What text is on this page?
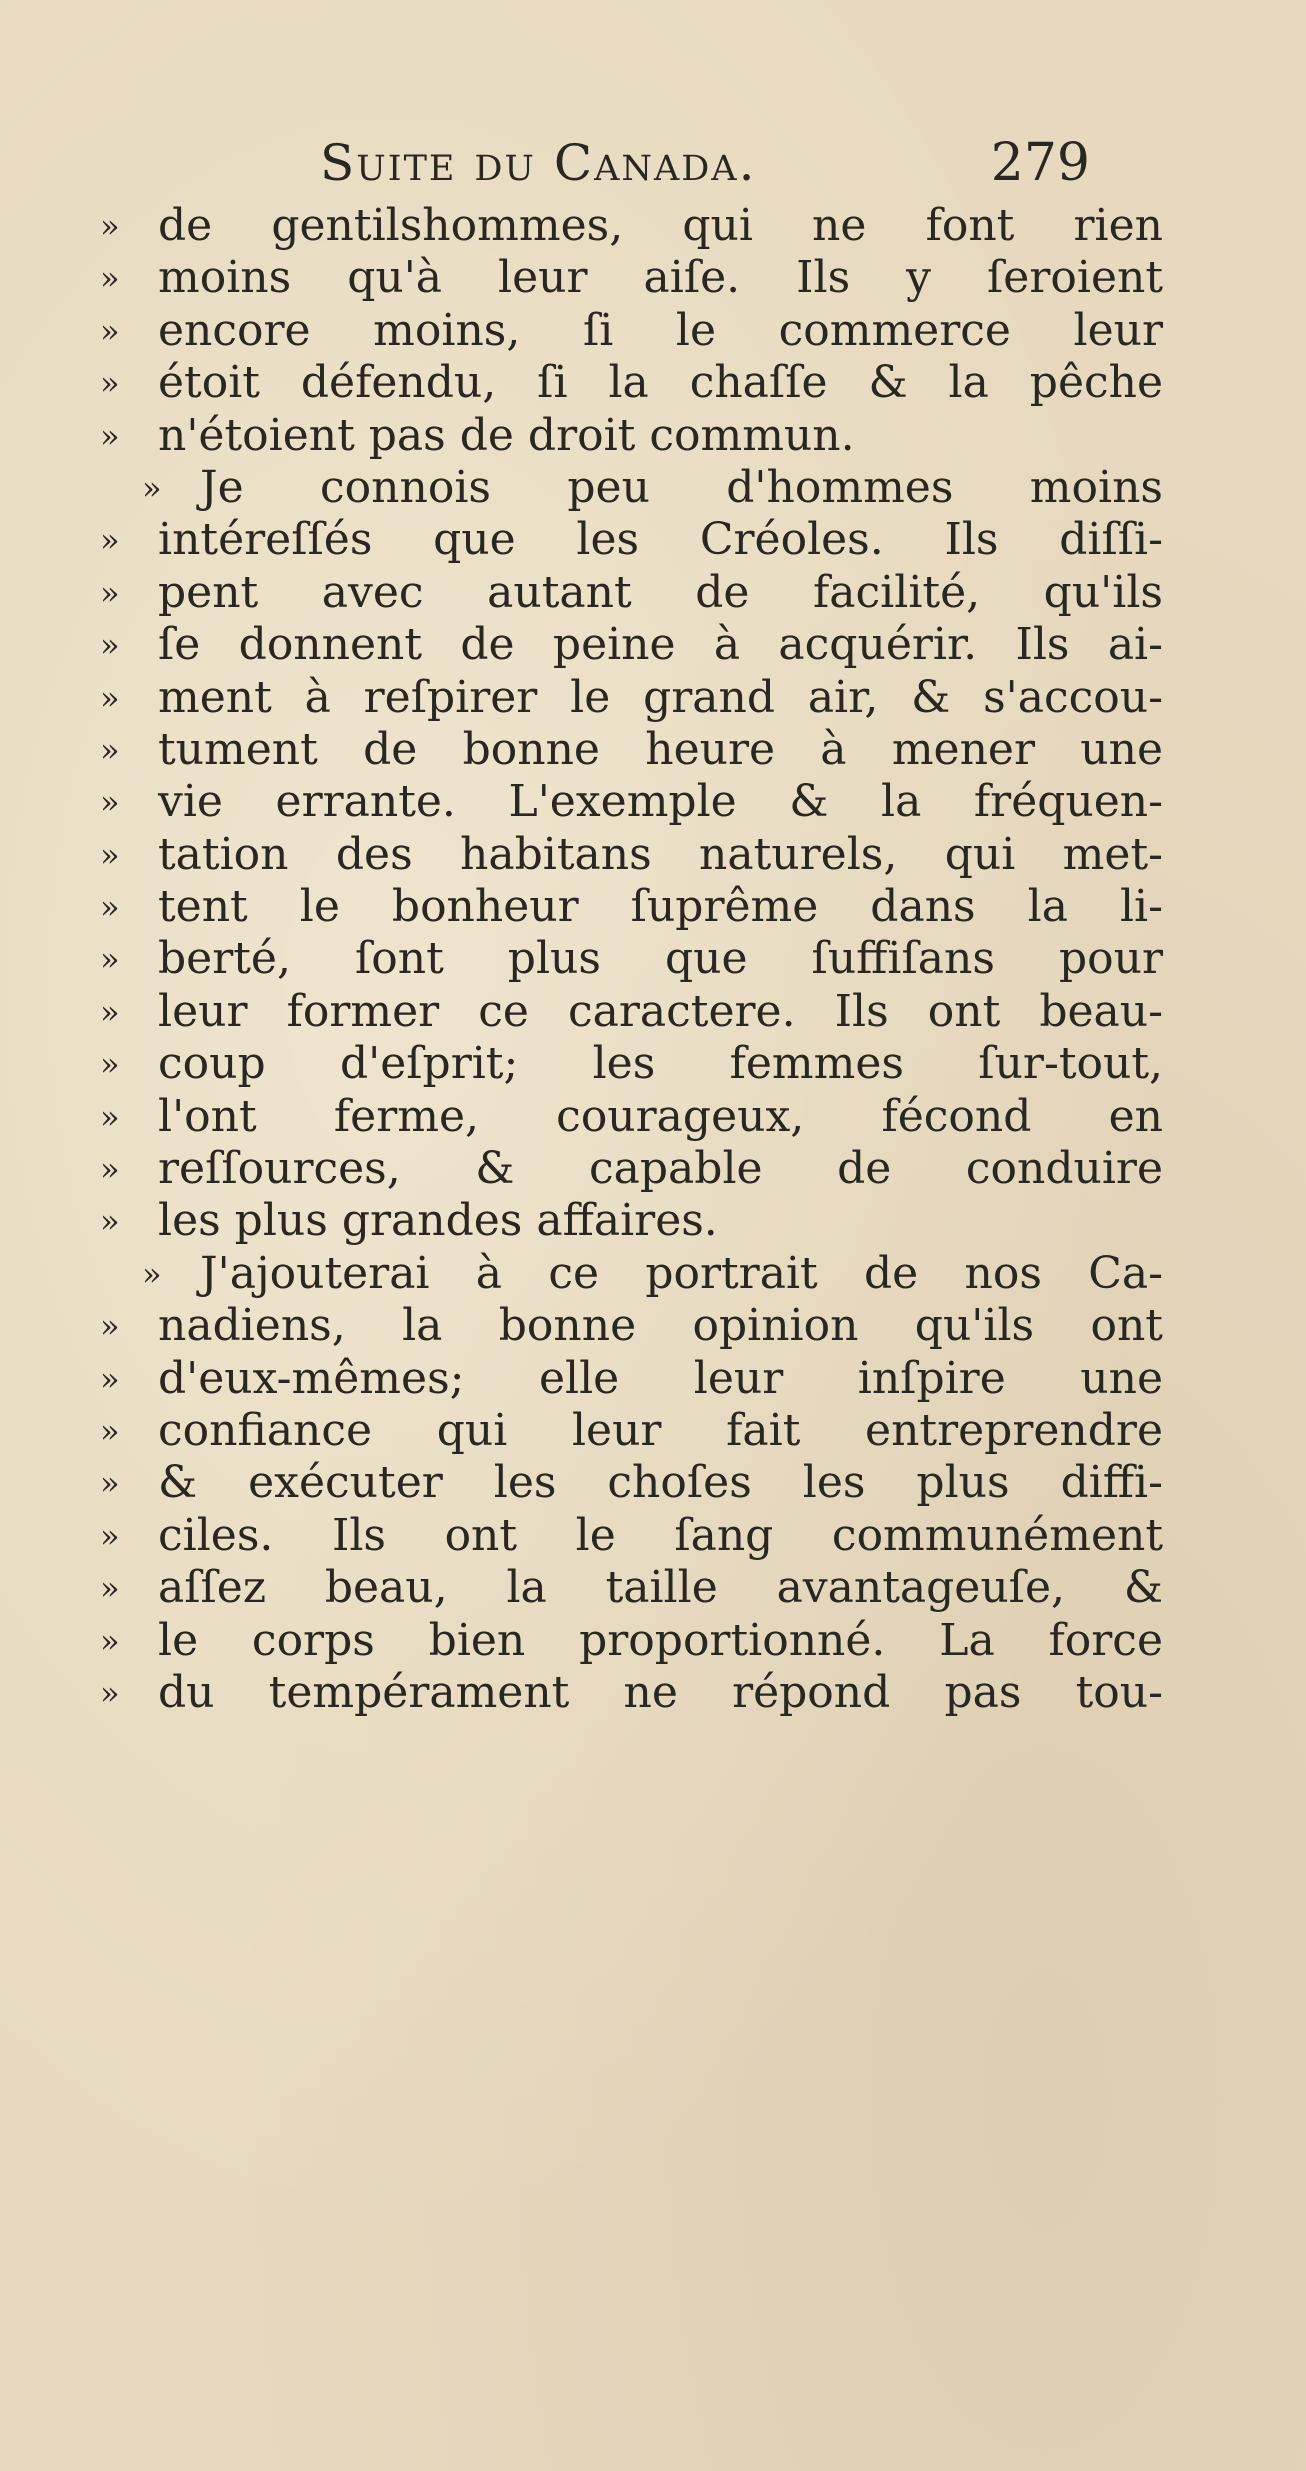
Suite du Canada.	279
» de gentilshommes, qui ne font rien
» moins qu'à leur aiſe. Ils y ſeroient
» encore moins, ſi le commerce leur
» étoit défendu, ſi la chaſſe & la pêche
» n'étoient pas de droit commun.
» Je connois peu d'hommes moins
» intéreſſés que les Créoles. Ils diſſi-
» pent avec autant de facilité, qu'ils
» ſe donnent de peine à acquérir. Ils ai-
» ment à reſpirer le grand air, & s'accou-
» tument de bonne heure à mener une
» vie errante. L'exemple & la fréquen-
» tation des habitans naturels, qui met-
» tent le bonheur ſuprême dans la li-
» berté, ſont plus que ſuffiſans pour
» leur former ce caractere. Ils ont beau-
» coup d'eſprit; les femmes ſur-tout,
» l'ont ferme, courageux, fécond en
» reſſources, & capable de conduire
» les plus grandes affaires.
» J'ajouterai à ce portrait de nos Ca-
» nadiens, la bonne opinion qu'ils ont
» d'eux-mêmes; elle leur inſpire une
» confiance qui leur fait entreprendre
» & exécuter les choſes les plus diffi-
» ciles. Ils ont le ſang communément
» aſſez beau, la taille avantageuſe, &
» le corps bien proportionné. La force
» du tempérament ne répond pas tou-
